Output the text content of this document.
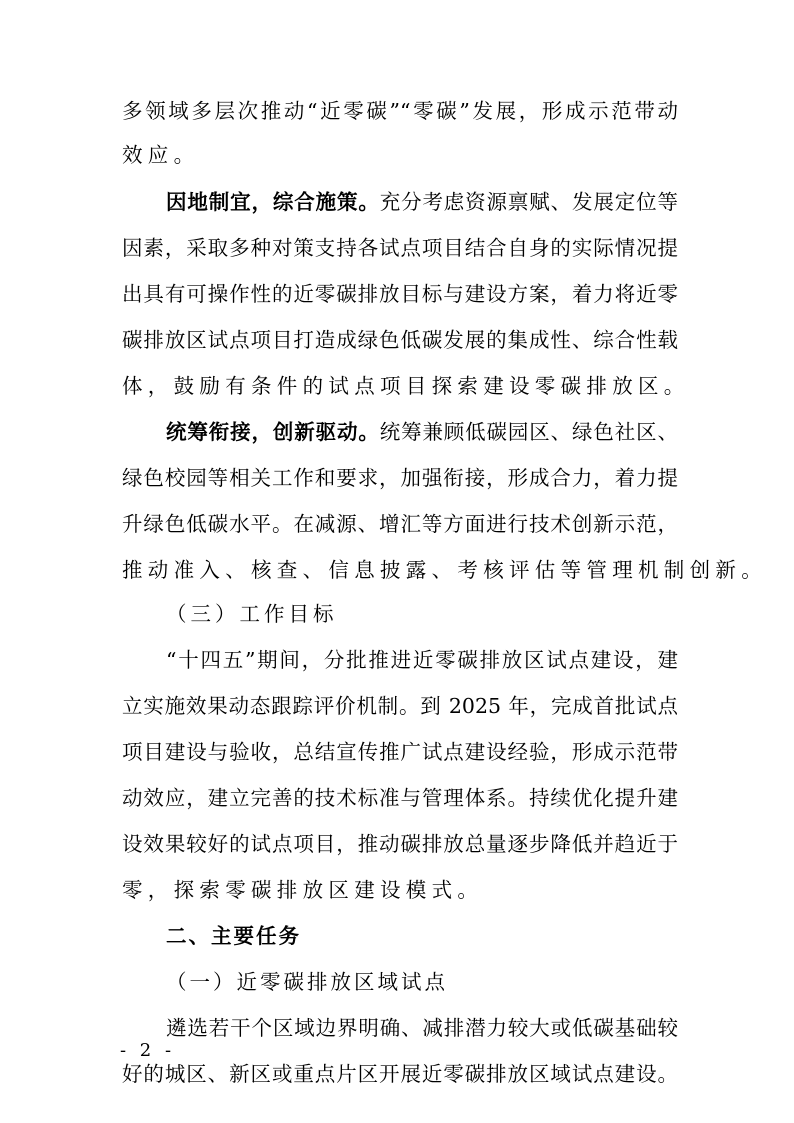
多领域多层次推动“近零碳”“零碳”发展，形成示范带动
效应。
因地制宜，综合施策。充分考虑资源禀赋、发展定位等
因素，采取多种对策支持各试点项目结合自身的实际情况提
出具有可操作性的近零碳排放目标与建设方案，着力将近零
碳排放区试点项目打造成绿色低碳发展的集成性、综合性载
体，鼓励有条件的试点项目探索建设零碳排放区。
统筹衔接，创新驱动。统筹兼顾低碳园区、绿色社区、
绿色校园等相关工作和要求，加强衔接，形成合力，着力提
升绿色低碳水平。在减源、增汇等方面进行技术创新示范，
推动准入、核查、信息披露、考核评估等管理机制创新。
（三）工作目标
“十四五”期间，分批推进近零碳排放区试点建设，建
立实施效果动态跟踪评价机制。到 2025 年，完成首批试点
项目建设与验收，总结宣传推广试点建设经验，形成示范带
动效应，建立完善的技术标准与管理体系。持续优化提升建
设效果较好的试点项目，推动碳排放总量逐步降低并趋近于
零，探索零碳排放区建设模式。
二、主要任务
（一）近零碳排放区域试点
遴选若干个区域边界明确、减排潜力较大或低碳基础较
好的城区、新区或重点片区开展近零碳排放区域试点建设。
- 2 -
